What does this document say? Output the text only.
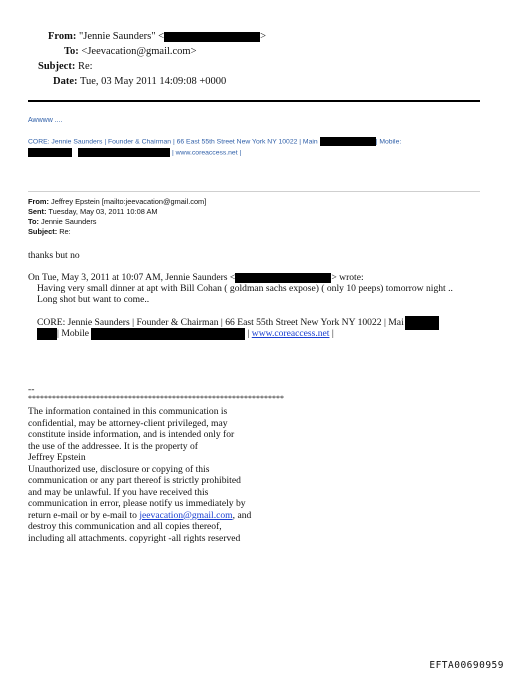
From: "Jennie Saunders" <	>
To: <Jeevacation@gmail.com>
Subject: Re:
Date: Tue, 03 May 2011 14:09:08 +0000
Awwww ....
CORE: Jennie Saunders | Founder & Chairman | 66 East 55th Street New York NY 10022 | Main	| Mobile:
| www.coreaccess.net |
From: Jeffrey Epstein [mailto:jeevacation@gmail.com]
Sent: Tuesday, May 03, 2011 10:08 AM
To: Jennie Saunders
Subject: Re:
thanks but no
On Tue, May 3, 2011 at 10:07 AM, Jennie Saunders <	> wrote:
Having very small dinner at apt with Bill Cohan ( goldman sachs expose) ( only 10 peeps) tomorrow night ..
Long shot but want to come..
CORE: Jennie Saunders | Founder & Chairman | 66 East 55th Street New York NY 10022 | Mai
| Mobile	| www.coreaccess.net |
--
****************************************************************
The information contained in this communication is
confidential, may be attorney-client privileged, may
constitute inside information, and is intended only for
the use of the addressee. It is the property of
Jeffrey Epstein
Unauthorized use, disclosure or copying of this
communication or any part thereof is strictly prohibited
and may be unlawful. If you have received this
communication in error, please notify us immediately by
return e-mail or by e-mail to jeevacation@gmail.com, and
destroy this communication and all copies thereof,
including all attachments. copyright -all rights reserved
EFTA00690959
